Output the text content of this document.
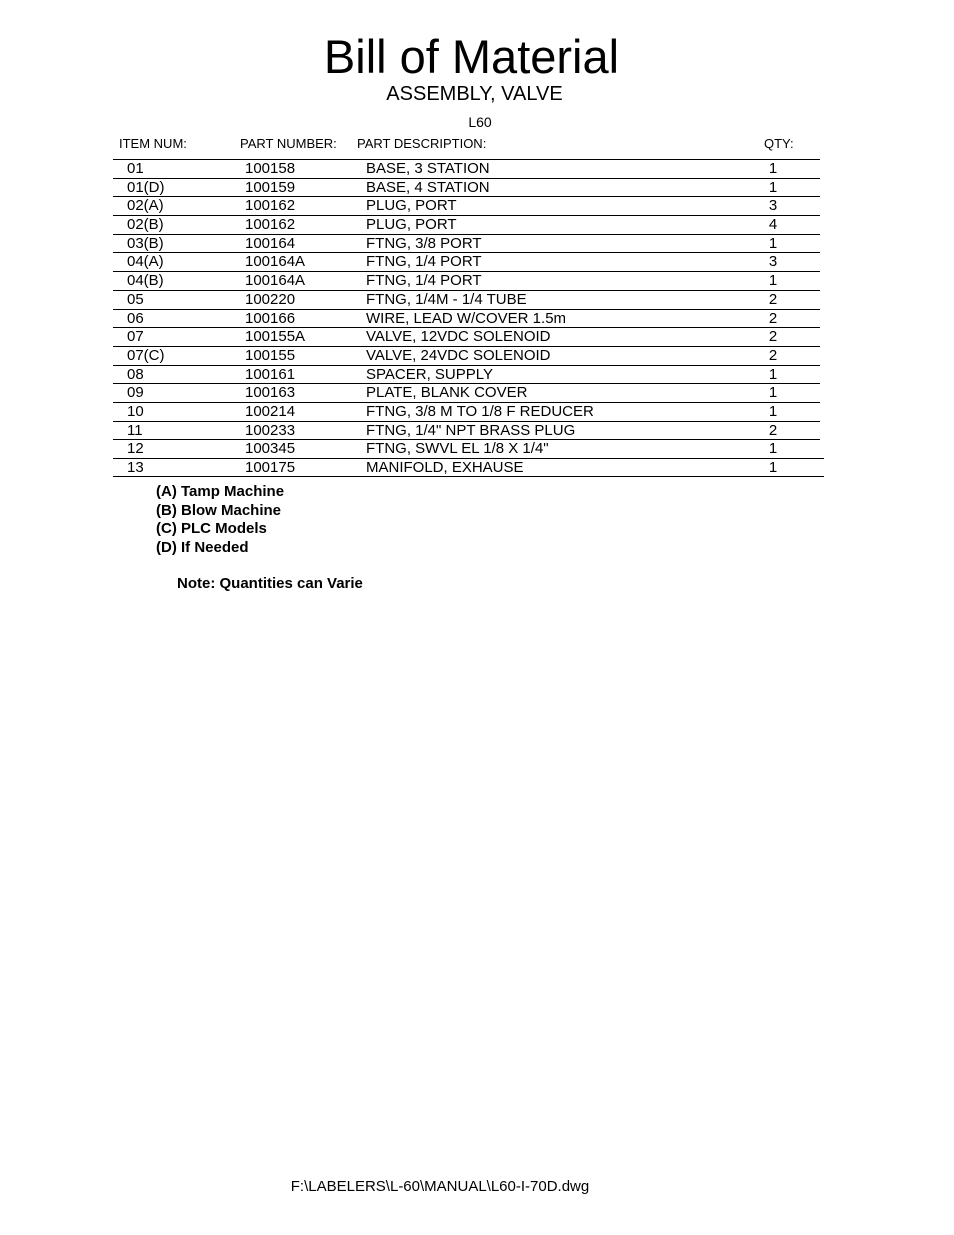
Bill of Material
ASSEMBLY, VALVE
L60
ITEM NUM:	PART NUMBER: PART DESCRIPTION:	QTY:
01	100158	BASE, 3 STATION	1
01(D)	100159	BASE, 4 STATION	1
02(A)	100162	PLUG, PORT	3
02(B)	100162	PLUG, PORT	4
03(B)	100164	FTNG, 3/8 PORT	1
04(A)	100164A	FTNG, 1/4 PORT	3
04(B)	100164A	FTNG, 1/4 PORT	1
05	100220	FTNG, 1/4M - 1/4 TUBE	2
06	100166	WIRE, LEAD W/COVER 1.5m	2
07	100155A	VALVE, 12VDC SOLENOID	2
07(C)	100155	VALVE, 24VDC SOLENOID	2
08	100161	SPACER, SUPPLY	1
09	100163	PLATE, BLANK COVER	1
10	100214	FTNG, 3/8 M TO 1/8 F REDUCER	1
11	100233	FTNG, 1/4" NPT BRASS PLUG	2
12	100345	FTNG, SWVL EL 1/8 X 1/4"	1
13	100175	MANIFOLD, EXHAUSE	1
(A) Tamp Machine
(B) Blow Machine
(C) PLC Models
(D) If Needed
Note: Quantities can Varie
F:\LABELERS\L-60\MANUAL\L60-I-70D.dwg
